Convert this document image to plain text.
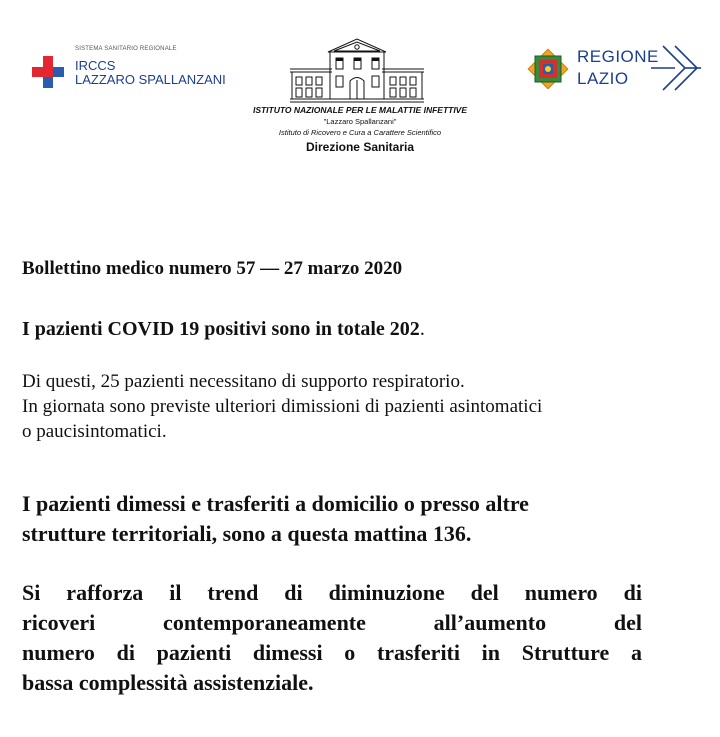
SISTEMA SANITARIO REGIONALE
IRCCS
LAZZARO SPALLANZANI
ISTITUTO NAZIONALE PER LE MALATTIE INFETTIVE
"Lazzaro Spallanzani"
Istituto di Ricovero e Cura a Carattere Scientifico
Direzione Sanitaria
REGIONE
LAZIO
Bollettino medico numero 57 — 27 marzo 2020
I pazienti COVID 19 positivi sono in totale 202.
Di questi, 25 pazienti necessitano di supporto respiratorio.
In giornata sono previste ulteriori dimissioni di pazienti asintomatici
o paucisintomatici.
I pazienti dimessi e trasferiti a domicilio o presso altre
strutture territoriali, sono a questa mattina 136.
Si rafforza il trend di diminuzione del numero di
ricoveri contemporaneamente all’aumento del
numero di pazienti dimessi o trasferiti in Strutture a
bassa complessità assistenziale.
